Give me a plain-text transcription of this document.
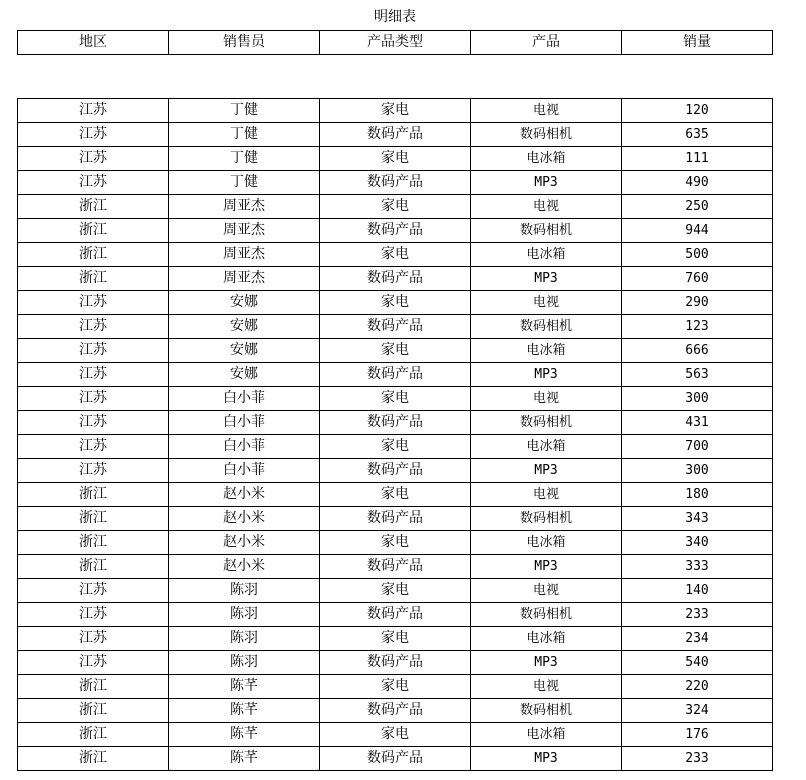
明细表
地区	销售员	产品类型	产品	销量
江苏	丁健	家电	电视	120
江苏	丁健	数码产品	数码相机	635
江苏	丁健	家电	电冰箱	111
江苏	丁健	数码产品	MP3	490
浙江	周亚杰	家电	电视	250
浙江	周亚杰	数码产品	数码相机	944
浙江	周亚杰	家电	电冰箱	500
浙江	周亚杰	数码产品	MP3	760
江苏	安娜	家电	电视	290
江苏	安娜	数码产品	数码相机	123
江苏	安娜	家电	电冰箱	666
江苏	安娜	数码产品	MP3	563
江苏	白小菲	家电	电视	300
江苏	白小菲	数码产品	数码相机	431
江苏	白小菲	家电	电冰箱	700
江苏	白小菲	数码产品	MP3	300
浙江	赵小米	家电	电视	180
浙江	赵小米	数码产品	数码相机	343
浙江	赵小米	家电	电冰箱	340
浙江	赵小米	数码产品	MP3	333
江苏	陈羽	家电	电视	140
江苏	陈羽	数码产品	数码相机	233
江苏	陈羽	家电	电冰箱	234
江苏	陈羽	数码产品	MP3	540
浙江	陈芊	家电	电视	220
浙江	陈芊	数码产品	数码相机	324
浙江	陈芊	家电	电冰箱	176
浙江	陈芊	数码产品	MP3	233
